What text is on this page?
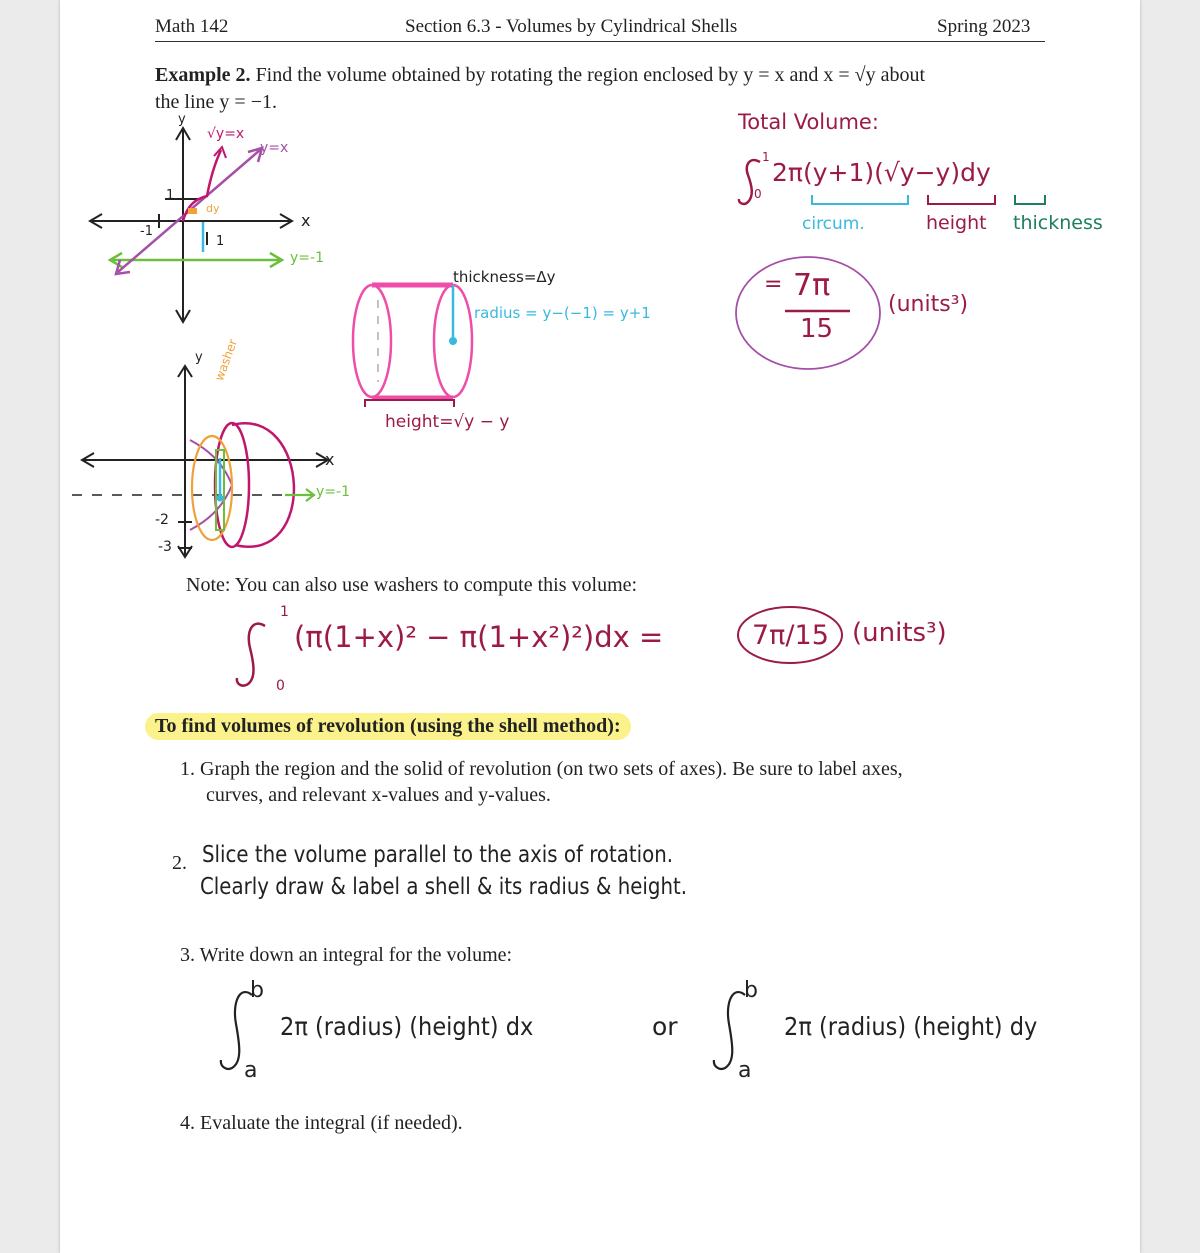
Math 142	Section 6.3 - Volumes by Cylindrical Shells	Spring 2023
Example 2. Find the volume obtained by rotating the region enclosed by y = x and x = √y about
the line y = −1.
y
√y=x
y=x
1
-1
1
dy
x
y=-1
thickness=Δy
radius = y−(−1) = y+1
height=√y − y
y washer
x
y=-1
-2
-3
Total Volume:
1
0
2π(y+1)(√y−y)dy
circum.	height thickness
= 7π
15
(units³)
Note: You can also use washers to compute this volume:
1
0
(π(1+x)² − π(1+x²)²)dx =	7π/15 (units³)
To find volumes of revolution (using the shell method):
1. Graph the region and the solid of revolution (on two sets of axes). Be sure to label axes,
curves, and relevant x-values and y-values.
2. Slice the volume parallel to the axis of rotation.
Clearly draw & label a shell & its radius & height.
3. Write down an integral for the volume:
b
a
2π (radius) (height) dx	or
b
a
2π (radius) (height) dy
4. Evaluate the integral (if needed).
